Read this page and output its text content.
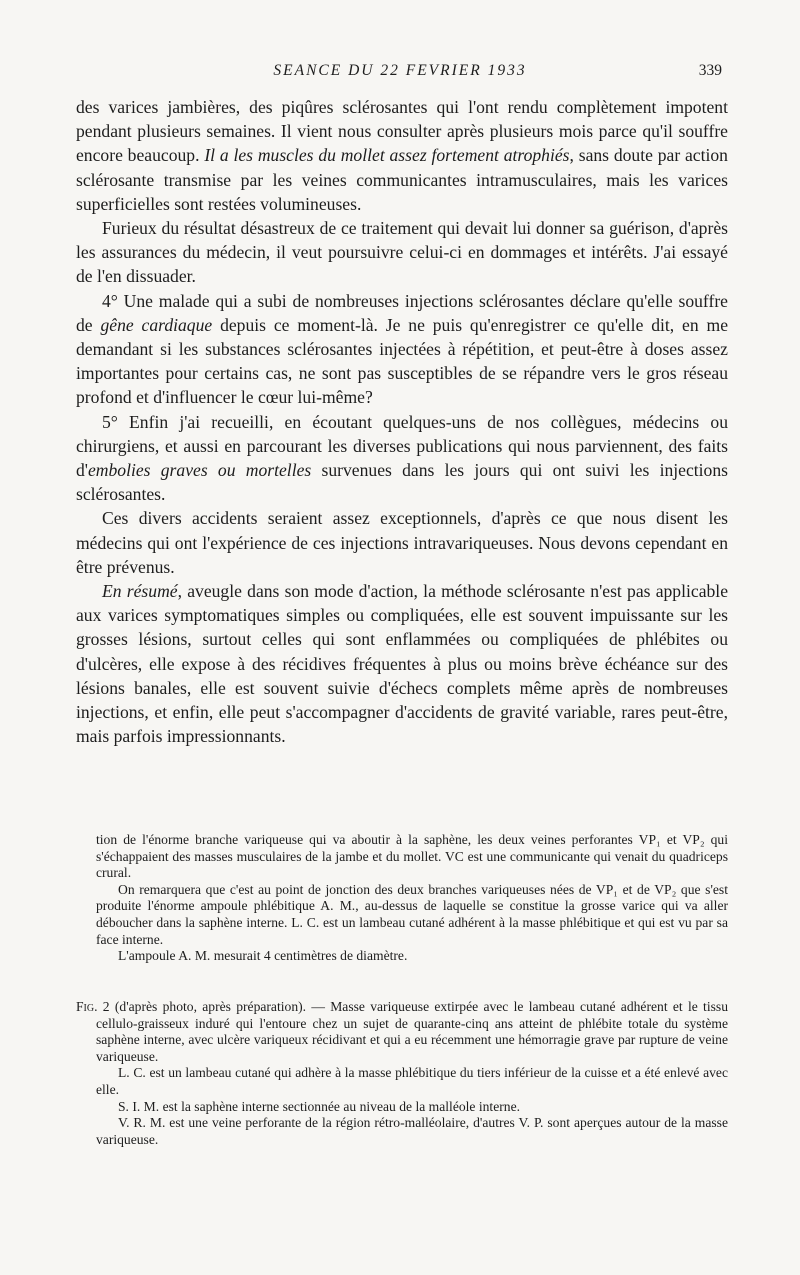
SEANCE DU 22 FEVRIER 1933	339

des varices jambières, des piqûres sclérosantes qui l'ont rendu complètement impotent pendant plusieurs semaines. Il vient nous consulter après plusieurs mois parce qu'il souffre encore beaucoup. Il a les muscles du mollet assez fortement atrophiés, sans doute par action sclérosante transmise par les veines communicantes intramusculaires, mais les varices superficielles sont restées volumineuses.

Furieux du résultat désastreux de ce traitement qui devait lui donner sa guérison, d'après les assurances du médecin, il veut poursuivre celui-ci en dommages et intérêts. J'ai essayé de l'en dissuader.

4° Une malade qui a subi de nombreuses injections sclérosantes déclare qu'elle souffre de gêne cardiaque depuis ce moment-là. Je ne puis qu'enregistrer ce qu'elle dit, en me demandant si les substances sclérosantes injectées à répétition, et peut-être à doses assez importantes pour certains cas, ne sont pas susceptibles de se répandre vers le gros réseau profond et d'influencer le cœur lui-même?

5° Enfin j'ai recueilli, en écoutant quelques-uns de nos collègues, médecins ou chirurgiens, et aussi en parcourant les diverses publications qui nous parviennent, des faits d'embolies graves ou mortelles survenues dans les jours qui ont suivi les injections sclérosantes.

Ces divers accidents seraient assez exceptionnels, d'après ce que nous disent les médecins qui ont l'expérience de ces injections intravariqueuses. Nous devons cependant en être prévenus.

En résumé, aveugle dans son mode d'action, la méthode sclérosante n'est pas applicable aux varices symptomatiques simples ou compliquées, elle est souvent impuissante sur les grosses lésions, surtout celles qui sont enflammées ou compliquées de phlébites ou d'ulcères, elle expose à des récidives fréquentes à plus ou moins brève échéance sur des lésions banales, elle est souvent suivie d'échecs complets même après de nombreuses injections, et enfin, elle peut s'accompagner d'accidents de gravité variable, rares peut-être, mais parfois impressionnants.

tion de l'énorme branche variqueuse qui va aboutir à la saphène, les deux veines perforantes VP₁ et VP₂ qui s'échappaient des masses musculaires de la jambe et du mollet. VC est une communicante qui venait du quadriceps crural.

On remarquera que c'est au point de jonction des deux branches variqueuses nées de VP₁ et de VP₂ que s'est produite l'énorme ampoule phlébitique A. M., au-dessus de laquelle se constitue la grosse varice qui va aller déboucher dans la saphène interne. L. C. est un lambeau cutané adhérent à la masse phlébitique et qui est vu par sa face interne.

L'ampoule A. M. mesurait 4 centimètres de diamètre.

Fig. 2 (d'après photo, après préparation). — Masse variqueuse extirpée avec le lambeau cutané adhérent et le tissu cellulo-graisseux induré qui l'entoure chez un sujet de quarante-cinq ans atteint de phlébite totale du système saphène interne, avec ulcère variqueux récidivant et qui a eu récemment une hémorragie grave par rupture de veine variqueuse.

L. C. est un lambeau cutané qui adhère à la masse phlébitique du tiers inférieur de la cuisse et a été enlevé avec elle.

S. I. M. est la saphène interne sectionnée au niveau de la malléole interne.

V. R. M. est une veine perforante de la région rétro-malléolaire, d'autres V. P. sont aperçues autour de la masse variqueuse.
